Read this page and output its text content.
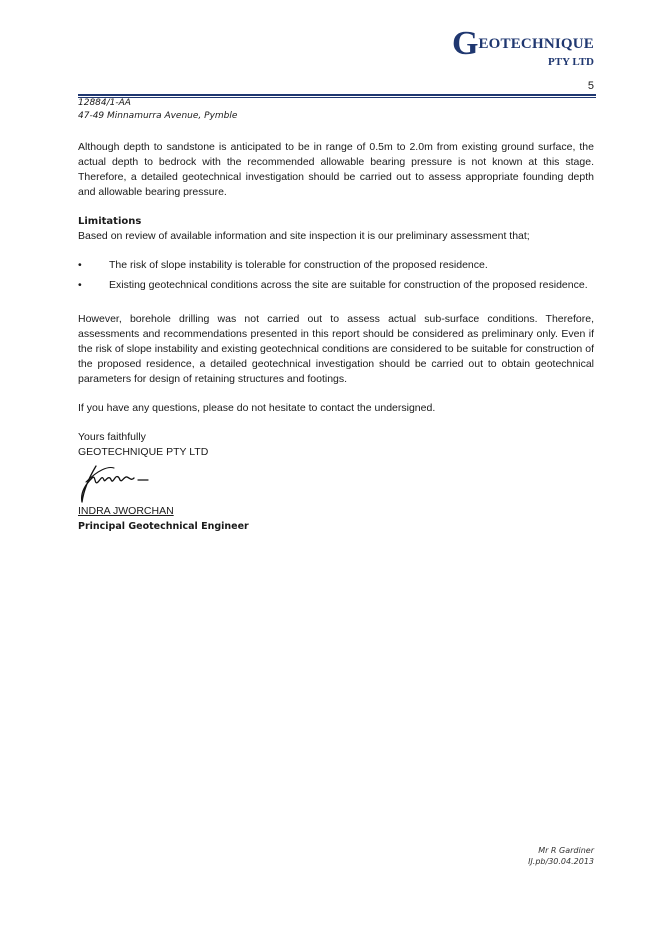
GEOTECHNIQUE
PTY LTD
5
12884/1-AA
47-49 Minnamurra Avenue, Pymble

Although depth to sandstone is anticipated to be in range of 0.5m to 2.0m from existing ground surface, the actual depth to bedrock with the recommended allowable bearing pressure is not known at this stage. Therefore, a detailed geotechnical investigation should be carried out to assess appropriate founding depth and allowable bearing pressure.

Limitations

Based on review of available information and site inspection it is our preliminary assessment that;

•	The risk of slope instability is tolerable for construction of the proposed residence.
•	Existing geotechnical conditions across the site are suitable for construction of the proposed residence.

However, borehole drilling was not carried out to assess actual sub-surface conditions. Therefore, assessments and recommendations presented in this report should be considered as preliminary only. Even if the risk of slope instability and existing geotechnical conditions are considered to be suitable for construction of the proposed residence, a detailed geotechnical investigation should be carried out to obtain geotechnical parameters for design of retaining structures and footings.

If you have any questions, please do not hesitate to contact the undersigned.

Yours faithfully

GEOTECHNIQUE PTY LTD

INDRA JWORCHAN

Principal Geotechnical Engineer

Mr R Gardiner
IJ.pb/30.04.2013
